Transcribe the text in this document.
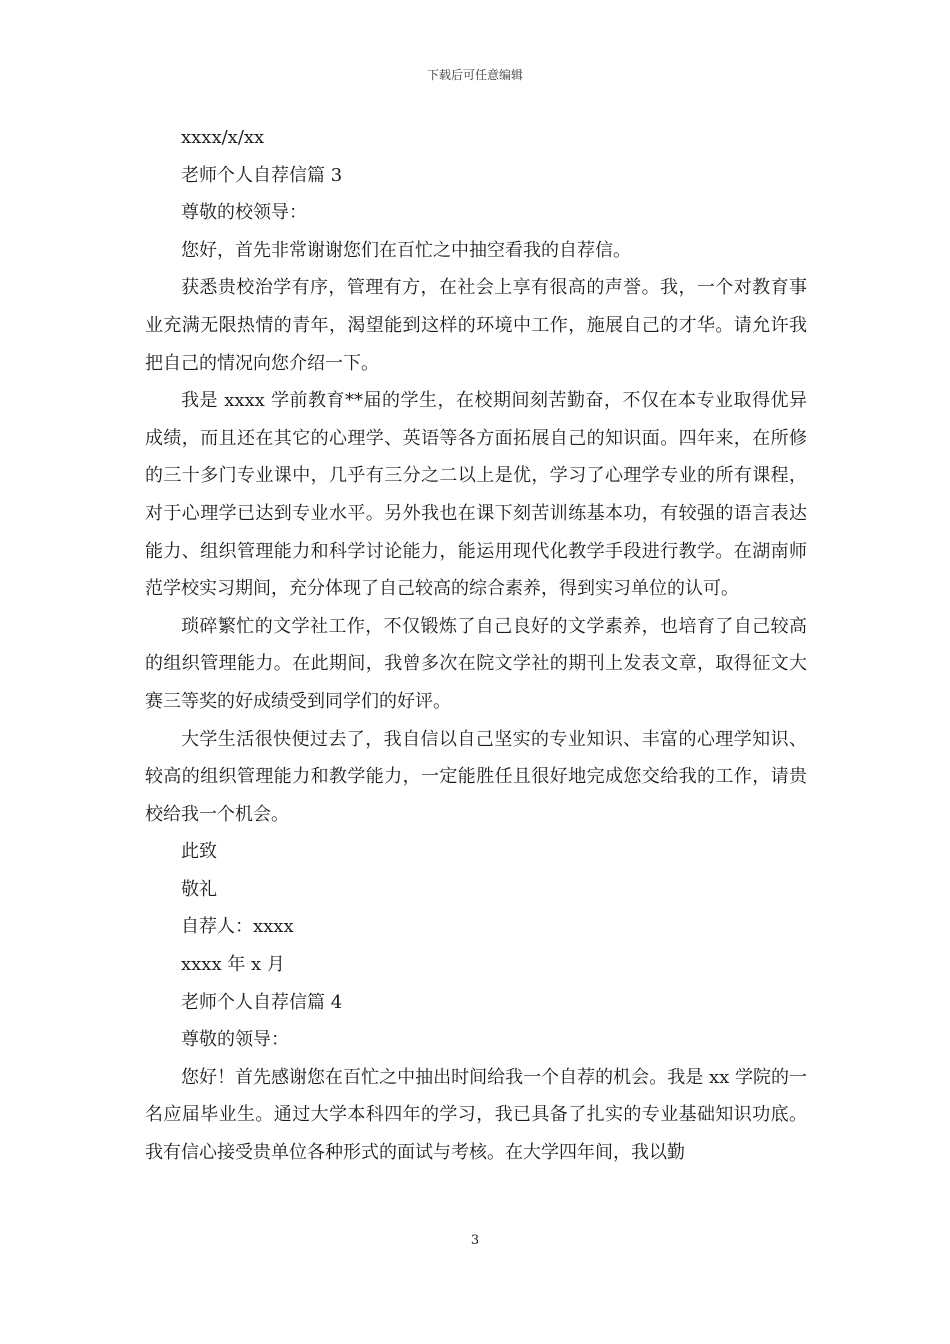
下载后可任意编辑

xxxx/x/xx

老师个人自荐信篇 3

尊敬的校领导：

您好，首先非常谢谢您们在百忙之中抽空看我的自荐信。

获悉贵校治学有序，管理有方，在社会上享有很高的声誉。我，一个对教育事业充满无限热情的青年，渴望能到这样的环境中工作，施展自己的才华。请允许我把自己的情况向您介绍一下。

我是 xxxx 学前教育**届的学生，在校期间刻苦勤奋，不仅在本专业取得优异成绩，而且还在其它的心理学、英语等各方面拓展自己的知识面。四年来，在所修的三十多门专业课中，几乎有三分之二以上是优，学习了心理学专业的所有课程，对于心理学已达到专业水平。另外我也在课下刻苦训练基本功，有较强的语言表达能力、组织管理能力和科学讨论能力，能运用现代化教学手段进行教学。在湖南师范学校实习期间，充分体现了自己较高的综合素养，得到实习单位的认可。

琐碎繁忙的文学社工作，不仅锻炼了自己良好的文学素养，也培育了自己较高的组织管理能力。在此期间，我曾多次在院文学社的期刊上发表文章，取得征文大赛三等奖的好成绩受到同学们的好评。

大学生活很快便过去了，我自信以自己坚实的专业知识、丰富的心理学知识、较高的组织管理能力和教学能力，一定能胜任且很好地完成您交给我的工作，请贵校给我一个机会。

此致

敬礼

自荐人：xxxx

xxxx 年 x 月

老师个人自荐信篇 4

尊敬的领导：

您好！首先感谢您在百忙之中抽出时间给我一个自荐的机会。我是 xx 学院的一名应届毕业生。通过大学本科四年的学习，我已具备了扎实的专业基础知识功底。我有信心接受贵单位各种形式的面试与考核。在大学四年间，我以勤

3
